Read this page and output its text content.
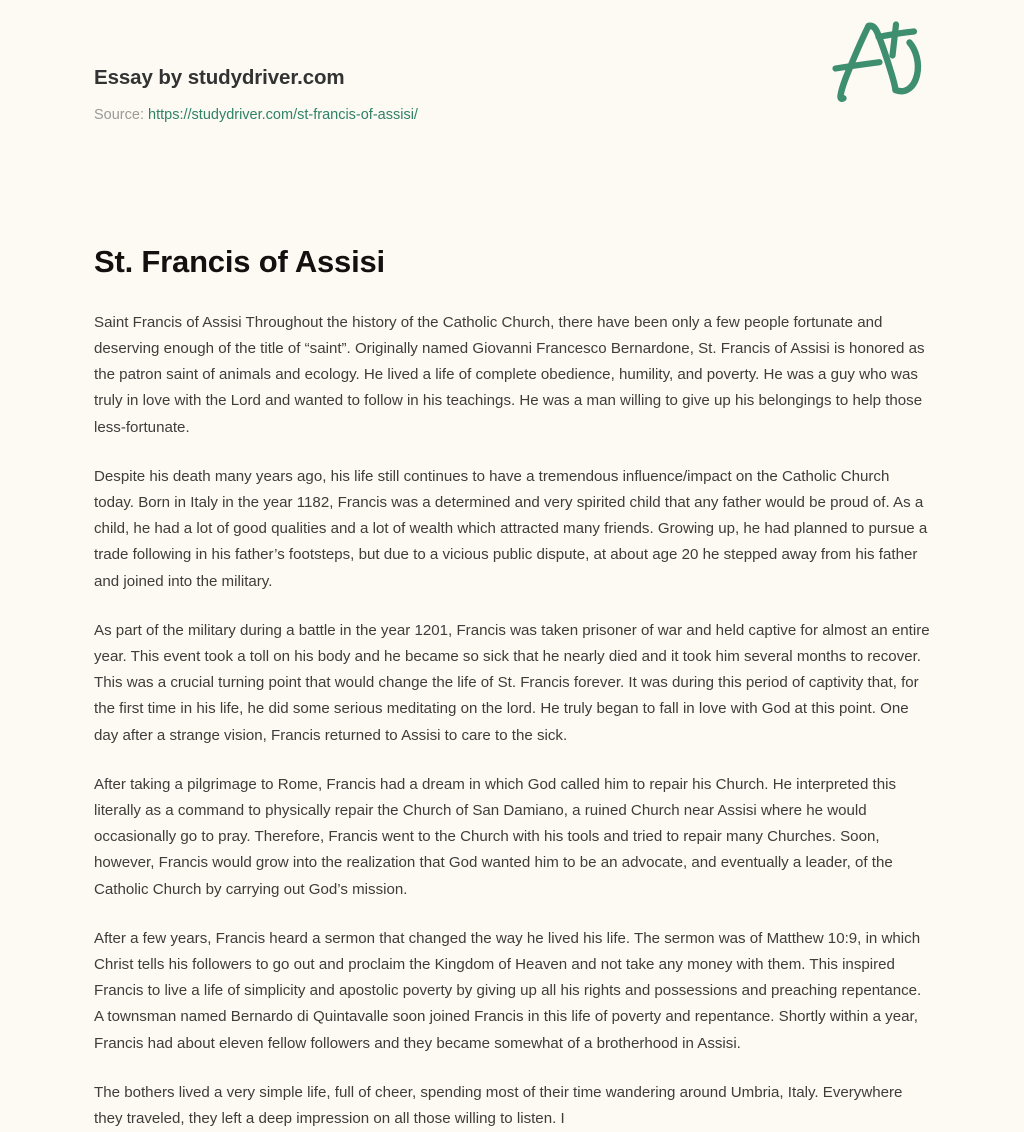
Essay by studydriver.com
Source: https://studydriver.com/st-francis-of-assisi/
St. Francis of Assisi

Saint Francis of Assisi Throughout the history of the Catholic Church, there have been only a few people fortunate and deserving enough of the title of “saint”. Originally named Giovanni Francesco Bernardone, St. Francis of Assisi is honored as the patron saint of animals and ecology. He lived a life of complete obedience, humility, and poverty. He was a guy who was truly in love with the Lord and wanted to follow in his teachings. He was a man willing to give up his belongings to help those less-fortunate.

Despite his death many years ago, his life still continues to have a tremendous influence/impact on the Catholic Church today. Born in Italy in the year 1182, Francis was a determined and very spirited child that any father would be proud of. As a child, he had a lot of good qualities and a lot of wealth which attracted many friends. Growing up, he had planned to pursue a trade following in his father’s footsteps, but due to a vicious public dispute, at about age 20 he stepped away from his father and joined into the military.

As part of the military during a battle in the year 1201, Francis was taken prisoner of war and held captive for almost an entire year. This event took a toll on his body and he became so sick that he nearly died and it took him several months to recover. This was a crucial turning point that would change the life of St. Francis forever. It was during this period of captivity that, for the first time in his life, he did some serious meditating on the lord. He truly began to fall in love with God at this point. One day after a strange vision, Francis returned to Assisi to care to the sick.

After taking a pilgrimage to Rome, Francis had a dream in which God called him to repair his Church. He interpreted this literally as a command to physically repair the Church of San Damiano, a ruined Church near Assisi where he would occasionally go to pray. Therefore, Francis went to the Church with his tools and tried to repair many Churches. Soon, however, Francis would grow into the realization that God wanted him to be an advocate, and eventually a leader, of the Catholic Church by carrying out God’s mission.

After a few years, Francis heard a sermon that changed the way he lived his life. The sermon was of Matthew 10:9, in which Christ tells his followers to go out and proclaim the Kingdom of Heaven and not take any money with them. This inspired Francis to live a life of simplicity and apostolic poverty by giving up all his rights and possessions and preaching repentance. A townsman named Bernardo di Quintavalle soon joined Francis in this life of poverty and repentance. Shortly within a year, Francis had about eleven fellow followers and they became somewhat of a brotherhood in Assisi.

The bothers lived a very simple life, full of cheer, spending most of their time wandering around Umbria, Italy. Everywhere they traveled, they left a deep impression on all those willing to listen. I
